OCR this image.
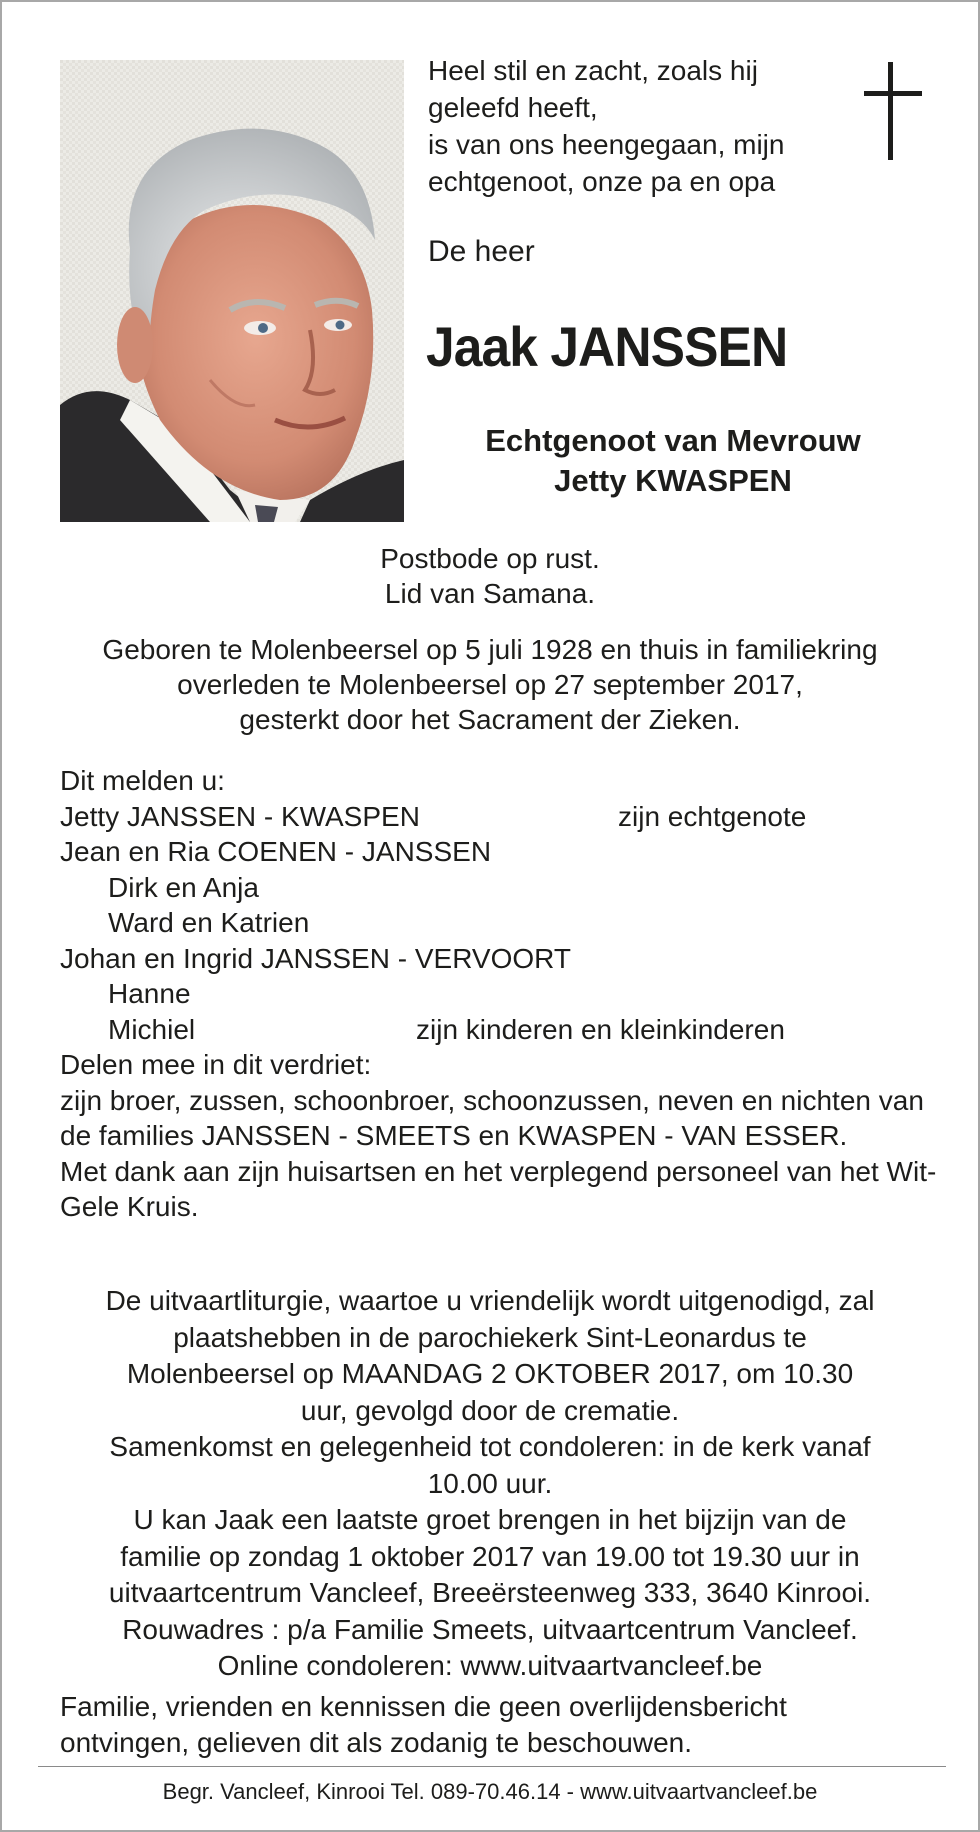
Heel stil en zacht, zoals hij
geleefd heeft,
is van ons heengegaan, mijn
echtgenoot, onze pa en opa
De heer
Jaak JANSSEN
Echtgenoot van Mevrouw
Jetty KWASPEN
Postbode op rust.
Lid van Samana.
Geboren te Molenbeersel op 5 juli 1928 en thuis in familiekring
overleden te Molenbeersel op 27 september 2017,
gesterkt door het Sacrament der Zieken.
Dit melden u:
Jetty JANSSEN - KWASPEN	zijn echtgenote
Jean en Ria COENEN - JANSSEN
Dirk en Anja
Ward en Katrien
Johan en Ingrid JANSSEN - VERVOORT
Hanne
Michiel	zijn kinderen en kleinkinderen
Delen mee in dit verdriet:
zijn broer, zussen, schoonbroer, schoonzussen, neven en nichten van de families JANSSEN - SMEETS en KWASPEN - VAN ESSER.
Met dank aan zijn huisartsen en het verplegend personeel van het Wit-Gele Kruis.
De uitvaartliturgie, waartoe u vriendelijk wordt uitgenodigd, zal
plaatshebben in de parochiekerk Sint-Leonardus te
Molenbeersel op MAANDAG 2 OKTOBER 2017, om 10.30
uur, gevolgd door de crematie.
Samenkomst en gelegenheid tot condoleren: in de kerk vanaf
10.00 uur.
U kan Jaak een laatste groet brengen in het bijzijn van de
familie op zondag 1 oktober 2017 van 19.00 tot 19.30 uur in
uitvaartcentrum Vancleef, Breeërsteenweg 333, 3640 Kinrooi.
Rouwadres : p/a Familie Smeets, uitvaartcentrum Vancleef.
Online condoleren: www.uitvaartvancleef.be
Familie, vrienden en kennissen die geen overlijdensbericht
ontvingen, gelieven dit als zodanig te beschouwen.
Begr. Vancleef, Kinrooi Tel. 089-70.46.14 - www.uitvaartvancleef.be
